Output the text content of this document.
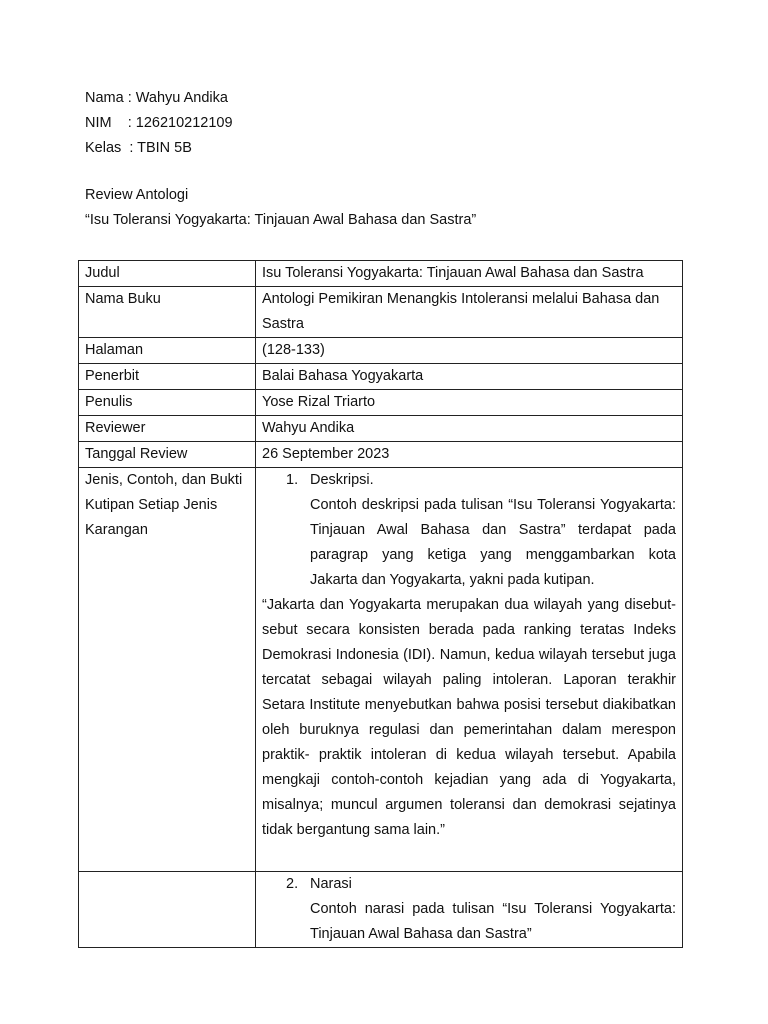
Nama : Wahyu Andika
NIM    : 126210212109
Kelas  : TBIN 5B
Review Antologi
“Isu Toleransi Yogyakarta: Tinjauan Awal Bahasa dan Sastra”
Judul	Isu Toleransi Yogyakarta: Tinjauan Awal Bahasa dan Sastra
Nama Buku	Antologi Pemikiran Menangkis Intoleransi melalui Bahasa dan Sastra
Halaman	(128-133)
Penerbit	Balai Bahasa Yogyakarta
Penulis	Yose Rizal Triarto
Reviewer	Wahyu Andika
Tanggal Review	26 September 2023
Jenis, Contoh, dan Bukti Kutipan Setiap Jenis Karangan	1. Deskripsi.
Contoh deskripsi pada tulisan “Isu Toleransi Yogyakarta: Tinjauan Awal Bahasa dan Sastra” terdapat pada paragrap yang ketiga yang menggambarkan kota Jakarta dan Yogyakarta, yakni pada kutipan.
“Jakarta dan Yogyakarta merupakan dua wilayah yang disebut-sebut secara konsisten berada pada ranking teratas Indeks Demokrasi Indonesia (IDI). Namun, kedua wilayah tersebut juga tercatat sebagai wilayah paling intoleran. Laporan terakhir Setara Institute menyebutkan bahwa posisi tersebut diakibatkan oleh buruknya regulasi dan pemerintahan dalam merespon praktik- praktik intoleran di kedua wilayah tersebut. Apabila mengkaji contoh-contoh kejadian yang ada di Yogyakarta, misalnya; muncul argumen toleransi dan demokrasi sejatinya tidak bergantung sama lain.”

	2. Narasi
Contoh narasi pada tulisan “Isu Toleransi Yogyakarta: Tinjauan Awal Bahasa dan Sastra”
